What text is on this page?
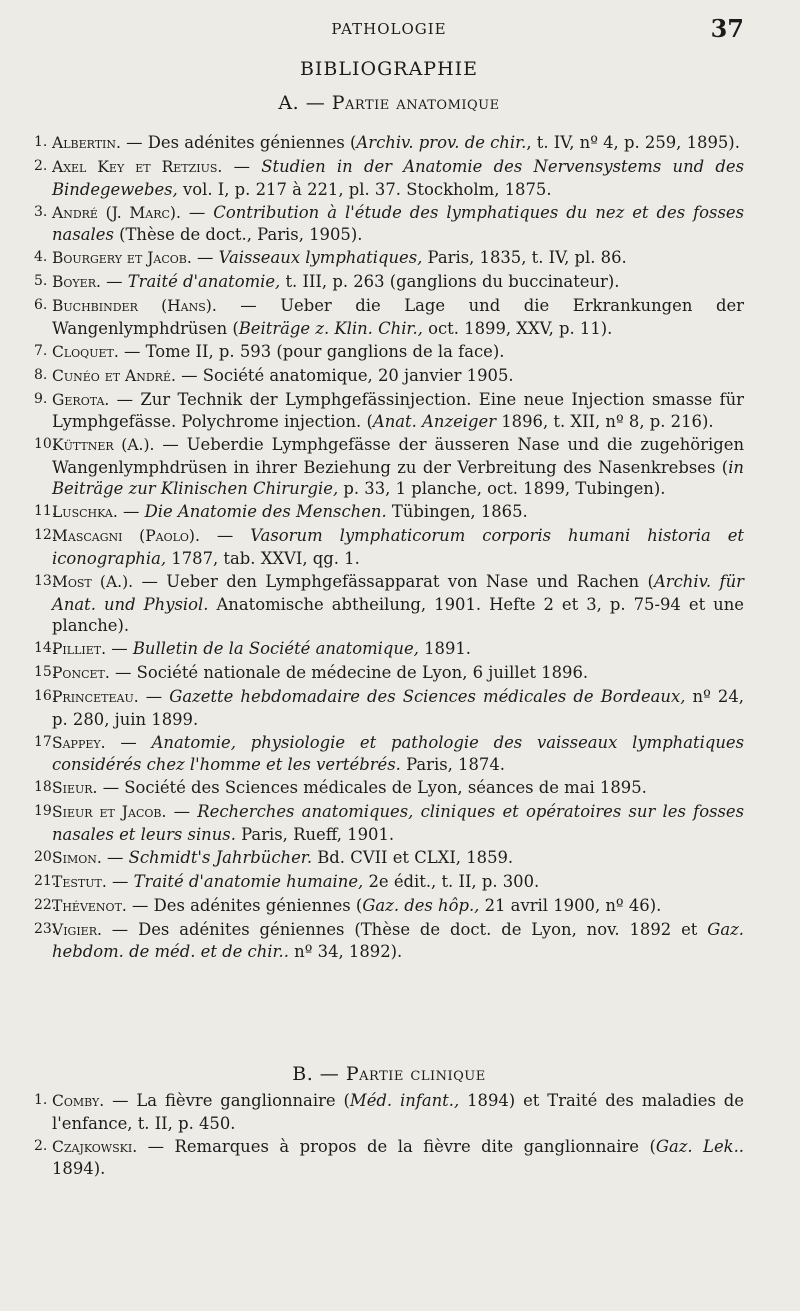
PATHOLOGIE	37
BIBLIOGRAPHIE
A. — Partie anatomique
1. Albertin. — Des adénites géniennes (Archiv. prov. de chir., t. IV, nº 4, p. 259, 1895).
2. Axel Key et Retzius. — Studien in der Anatomie des Nervensystems und des Bindegewebes, vol. I, p. 217 à 221, pl. 37. Stockholm, 1875.
3. André (J. Marc). — Contribution à l'étude des lymphatiques du nez et des fosses nasales (Thèse de doct., Paris, 1905).
4. Bourgery et Jacob. — Vaisseaux lymphatiques, Paris, 1835, t. IV, pl. 86.
5. Boyer. — Traité d'anatomie, t. III, p. 263 (ganglions du buccinateur).
6. Buchbinder (Hans). — Ueber die Lage und die Erkrankungen der Wangenlymphdrüsen (Beiträge z. Klin. Chir., oct. 1899, XXV, p. 11).
7. Cloquet. — Tome II, p. 593 (pour ganglions de la face).
8. Cunéo et André. — Société anatomique, 20 janvier 1905.
9. Gerota. — Zur Technik der Lymphgefässinjection. Eine neue Injection smasse für Lymphgefässe. Polychrome injection. (Anat. Anzeiger 1896, t. XII, nº 8, p. 216).
10.
Küttner (A.). — Ueberdie Lymphgefässe der äusseren Nase und die zugehörigen Wangenlymphdrüsen in ihrer Beziehung zu der Verbreitung des Nasenkrebses (in Beiträge zur Klinischen Chirurgie, p. 33, 1 planche, oct. 1899, Tubingen).
11.
Luschka. — Die Anatomie des Menschen. Tübingen, 1865.
12.
Mascagni (Paolo). — Vasorum lymphaticorum corporis humani historia et iconographia, 1787, tab. XXVI, qg. 1.
13.
Most (A.). — Ueber den Lymphgefässapparat von Nase und Rachen (Archiv. für Anat. und Physiol. Anatomische abtheilung, 1901. Hefte 2 et 3, p. 75-94 et une planche).
14.
Pilliet. — Bulletin de la Société anatomique, 1891.
15.
Poncet. — Société nationale de médecine de Lyon, 6 juillet 1896.
16.
Princeteau. — Gazette hebdomadaire des Sciences médicales de Bordeaux, nº 24, p. 280, juin 1899.
17.
Sappey. — Anatomie, physiologie et pathologie des vaisseaux lymphatiques considérés chez l'homme et les vertébrés. Paris, 1874.
18.
Sieur. — Société des Sciences médicales de Lyon, séances de mai 1895.
19.
Sieur et Jacob. — Recherches anatomiques, cliniques et opératoires sur les fosses nasales et leurs sinus. Paris, Rueff, 1901.
20.
Simon. — Schmidt's Jahrbücher. Bd. CVII et CLXI, 1859.
21.
Testut. — Traité d'anatomie humaine, 2e édit., t. II, p. 300.
22.
Thévenot. — Des adénites géniennes (Gaz. des hôp., 21 avril 1900, nº 46).
23.
Vigier. — Des adénites géniennes (Thèse de doct. de Lyon, nov. 1892 et Gaz. hebdom. de méd. et de chir.. nº 34, 1892).
B. — Partie clinique
1. Comby. — La fièvre ganglionnaire (Méd. infant., 1894) et Traité des maladies de l'enfance, t. II, p. 450.
2. Czajkowski. — Remarques à propos de la fièvre dite ganglionnaire (Gaz. Lek.. 1894).
